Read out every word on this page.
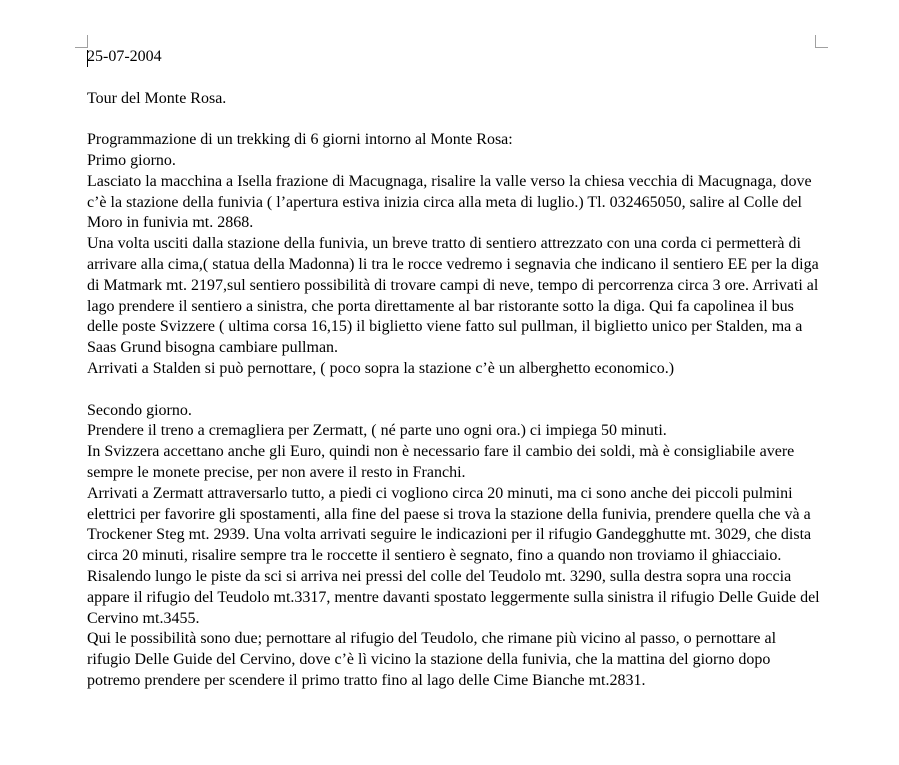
25-07-2004

Tour del Monte Rosa.

Programmazione di un trekking di 6 giorni intorno al Monte Rosa:

Primo giorno.

Lasciato la macchina a Isella frazione di Macugnaga, risalire la valle verso la chiesa vecchia di Macugnaga, dove c’è la stazione della funivia ( l’apertura estiva inizia circa alla meta di luglio.) Tl. 032465050, salire al Colle del Moro in funivia mt. 2868.

Una volta usciti dalla stazione della funivia, un breve tratto di sentiero attrezzato con una corda ci permetterà di arrivare alla cima,( statua della Madonna) li tra le rocce vedremo i segnavia che indicano il sentiero EE per la diga di Matmark mt. 2197,sul sentiero possibilità di trovare campi di neve, tempo di percorrenza circa 3 ore. Arrivati al lago prendere il sentiero a sinistra, che porta direttamente al bar ristorante sotto la diga. Qui fa capolinea il bus delle poste Svizzere ( ultima corsa 16,15) il biglietto viene fatto sul pullman, il biglietto unico per Stalden, ma a Saas Grund bisogna cambiare pullman.

Arrivati a Stalden si può pernottare, ( poco sopra la stazione c’è un alberghetto economico.)

Secondo giorno.

Prendere il treno a cremagliera per Zermatt, ( né parte uno ogni ora.) ci impiega 50 minuti.

In Svizzera accettano anche gli Euro, quindi non è necessario fare il cambio dei soldi, mà è consigliabile avere sempre le monete precise, per non avere il resto in Franchi.

Arrivati a Zermatt attraversarlo tutto, a piedi ci vogliono circa 20 minuti, ma ci sono anche dei piccoli pulmini elettrici per favorire gli spostamenti, alla fine del paese si trova la stazione della funivia, prendere quella che và a Trockener Steg mt. 2939. Una volta arrivati seguire le indicazioni per il rifugio Gandegghutte mt. 3029, che dista circa 20 minuti, risalire sempre tra le roccette il sentiero è segnato, fino a quando non troviamo il ghiacciaio. Risalendo lungo le piste da sci si arriva nei pressi del colle del Teudolo mt. 3290, sulla destra sopra una roccia appare il rifugio del Teudolo mt.3317, mentre davanti spostato leggermente sulla sinistra il rifugio Delle Guide del Cervino mt.3455.

Qui le possibilità sono due; pernottare al rifugio del Teudolo, che rimane più vicino al passo, o pernottare al rifugio Delle Guide del Cervino, dove c’è lì vicino la stazione della funivia, che la mattina del giorno dopo potremo prendere per scendere il primo tratto fino al lago delle Cime Bianche mt.2831.
